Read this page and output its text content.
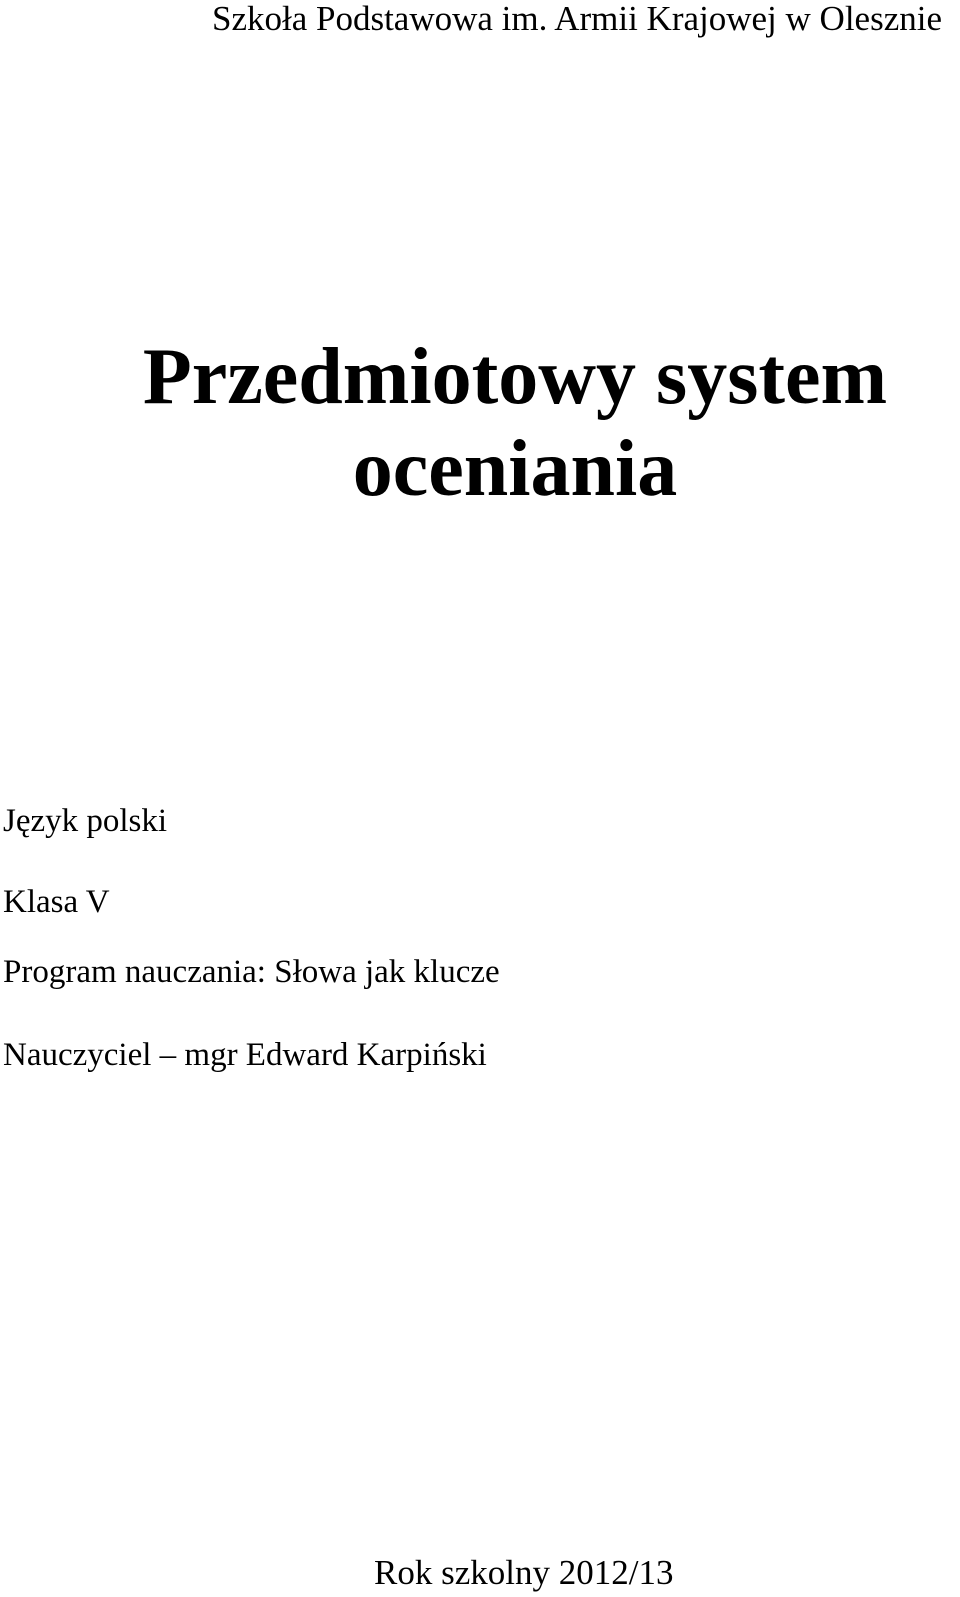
Szkoła Podstawowa im. Armii Krajowej w Olesznie
Przedmiotowy system
oceniania
Język polski
Klasa V
Program nauczania: Słowa jak klucze
Nauczyciel – mgr Edward Karpiński
Rok szkolny 2012/13
